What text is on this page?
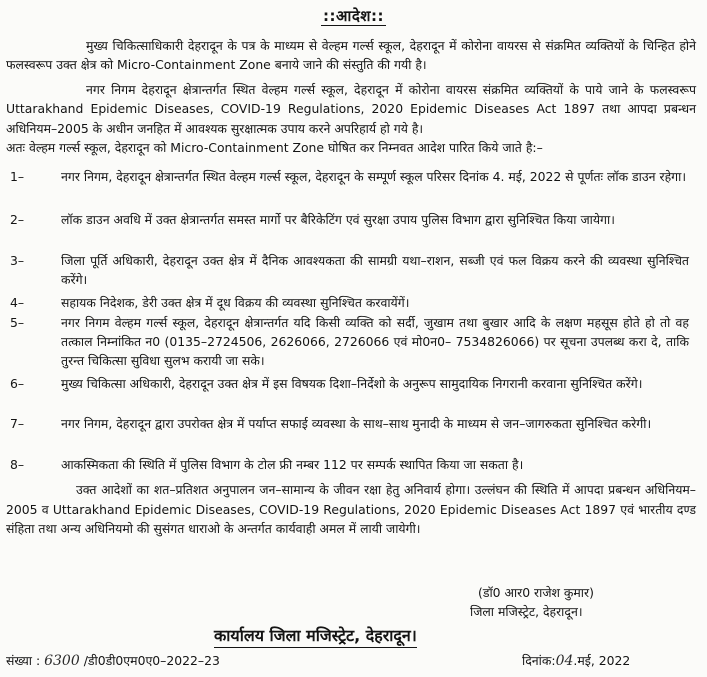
::आदेश::
मुख्य चिकित्साधिकारी देहरादून के पत्र के माध्यम से वेल्हम गर्ल्स स्कूल, देहरादून में कोरोना वायरस से संक्रमित व्यक्तियों के चिन्हित होने फलस्वरूप उक्त क्षेत्र को Micro-Containment Zone बनाये जाने की संस्तुति की गयी है।
नगर निगम देहरादून क्षेत्रान्तर्गत स्थित वेल्हम गर्ल्स स्कूल, देहरादून में कोरोना वायरस संक्रमित व्यक्तियों के पाये जाने के फलस्वरूप Uttarakhand Epidemic Diseases, COVID-19 Regulations, 2020 Epidemic Diseases Act 1897 तथा आपदा प्रबन्धन अधिनियम–2005 के अधीन जनहित में आवश्यक सुरक्षात्मक उपाय करने अपरिहार्य हो गये है।
अतः वेल्हम गर्ल्स स्कूल, देहरादून को Micro-Containment Zone घोषित कर निम्नवत आदेश पारित किये जाते है:–
1–	नगर निगम, देहरादून क्षेत्रान्तर्गत स्थित वेल्हम गर्ल्स स्कूल, देहरादून के सम्पूर्ण स्कूल परिसर दिनांक 4. मई, 2022 से पूर्णतः लॉक डाउन रहेगा।
2–	लॉक डाउन अवधि में उक्त क्षेत्रान्तर्गत समस्त मार्गो पर बैरिकेटिंग एवं सुरक्षा उपाय पुलिस विभाग द्वारा सुनिश्चित किया जायेगा।
3–	जिला पूर्ति अधिकारी, देहरादून उक्त क्षेत्र में दैनिक आवश्यकता की सामग्री यथा–राशन, सब्जी एवं फल विक्रय करने की व्यवस्था सुनिश्चित करेंगे।
4–	सहायक निदेशक, डेरी उक्त क्षेत्र में दूध विक्रय की व्यवस्था सुनिश्चित करवायेंगें।
5–	नगर निगम वेल्हम गर्ल्स स्कूल, देहरादून क्षेत्रान्तर्गत यदि किसी व्यक्ति को सर्दी, जुखाम तथा बुखार आदि के लक्षण महसूस होते हो तो वह तत्काल निम्नांकित न0 (0135–2724506, 2626066, 2726066 एवं मो0न0– 7534826066) पर सूचना उपलब्ध करा दे, ताकि तुरन्त चिकित्सा सुविधा सुलभ करायी जा सके।
6–	मुख्य चिकित्सा अधिकारी, देहरादून उक्त क्षेत्र में इस विषयक दिशा–निर्देशो के अनुरूप सामुदायिक निगरानी करवाना सुनिश्चित करेंगे।
7–	नगर निगम, देहरादून द्वारा उपरोक्त क्षेत्र में पर्याप्त सफाई व्यवस्था के साथ–साथ मुनादी के माध्यम से जन–जागरुकता सुनिश्चित करेगी।
8–	आकस्मिकता की स्थिति में पुलिस विभाग के टोल फ्री नम्बर 112 पर सम्पर्क स्थापित किया जा सकता है।
उक्त आदेशों का शत–प्रतिशत अनुपालन जन–सामान्य के जीवन रक्षा हेतु अनिवार्य होगा। उल्लंघन की स्थिति में आपदा प्रबन्धन अधिनियम– 2005 व Uttarakhand Epidemic Diseases, COVID-19 Regulations, 2020 Epidemic Diseases Act 1897 एवं भारतीय दण्ड संहिता तथा अन्य अधिनियमो की सुसंगत धाराओ के अन्तर्गत कार्यवाही अमल में लायी जायेगी।
(डॉ0 आर0 राजेश कुमार)
जिला मजिस्ट्रेट, देहरादून।
कार्यालय जिला मजिस्ट्रेट, देहरादून।
संख्या : 6300 /डी0डी0एम0ए0–2022–23	दिनांक:04.मई, 2022
